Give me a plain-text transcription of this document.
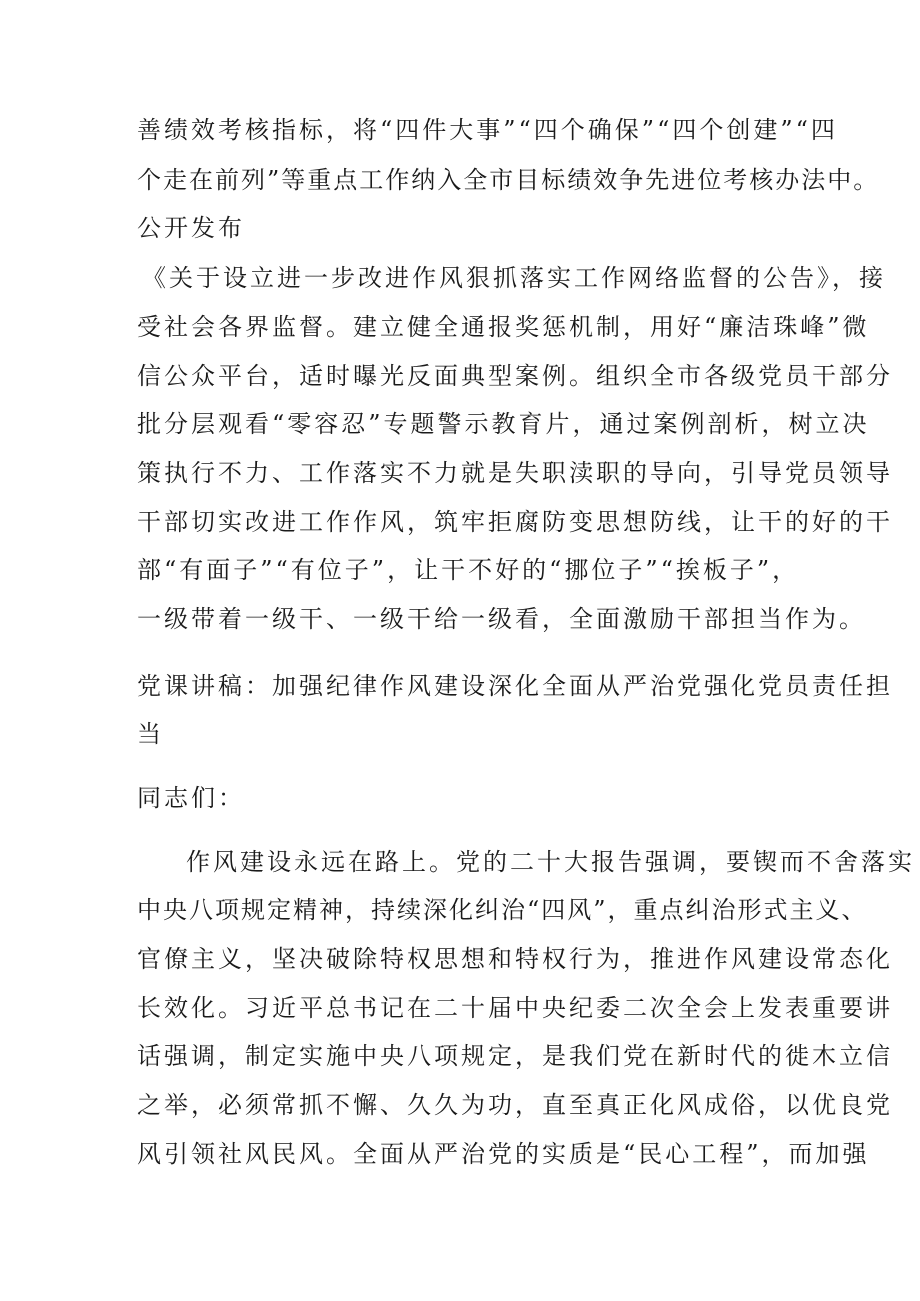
善绩效考核指标，将“四件大事”“四个确保”“四个创建”“四
个走在前列”等重点工作纳入全市目标绩效争先进位考核办法中。
公开发布
《关于设立进一步改进作风狠抓落实工作网络监督的公告》，接
受社会各界监督。建立健全通报奖惩机制，用好“廉洁珠峰”微
信公众平台，适时曝光反面典型案例。组织全市各级党员干部分
批分层观看“零容忍”专题警示教育片，通过案例剖析，树立决
策执行不力、工作落实不力就是失职渎职的导向，引导党员领导
干部切实改进工作作风，筑牢拒腐防变思想防线，让干的好的干
部“有面子”“有位子”，让干不好的“挪位子”“挨板子”，
一级带着一级干、一级干给一级看，全面激励干部担当作为。
党课讲稿：加强纪律作风建设深化全面从严治党强化党员责任担
当
同志们：
作风建设永远在路上。党的二十大报告强调，要锲而不舍落实
中央八项规定精神，持续深化纠治“四风”，重点纠治形式主义、
官僚主义，坚决破除特权思想和特权行为，推进作风建设常态化
长效化。习近平总书记在二十届中央纪委二次全会上发表重要讲
话强调，制定实施中央八项规定，是我们党在新时代的徙木立信
之举，必须常抓不懈、久久为功，直至真正化风成俗，以优良党
风引领社风民风。全面从严治党的实质是“民心工程”，而加强
